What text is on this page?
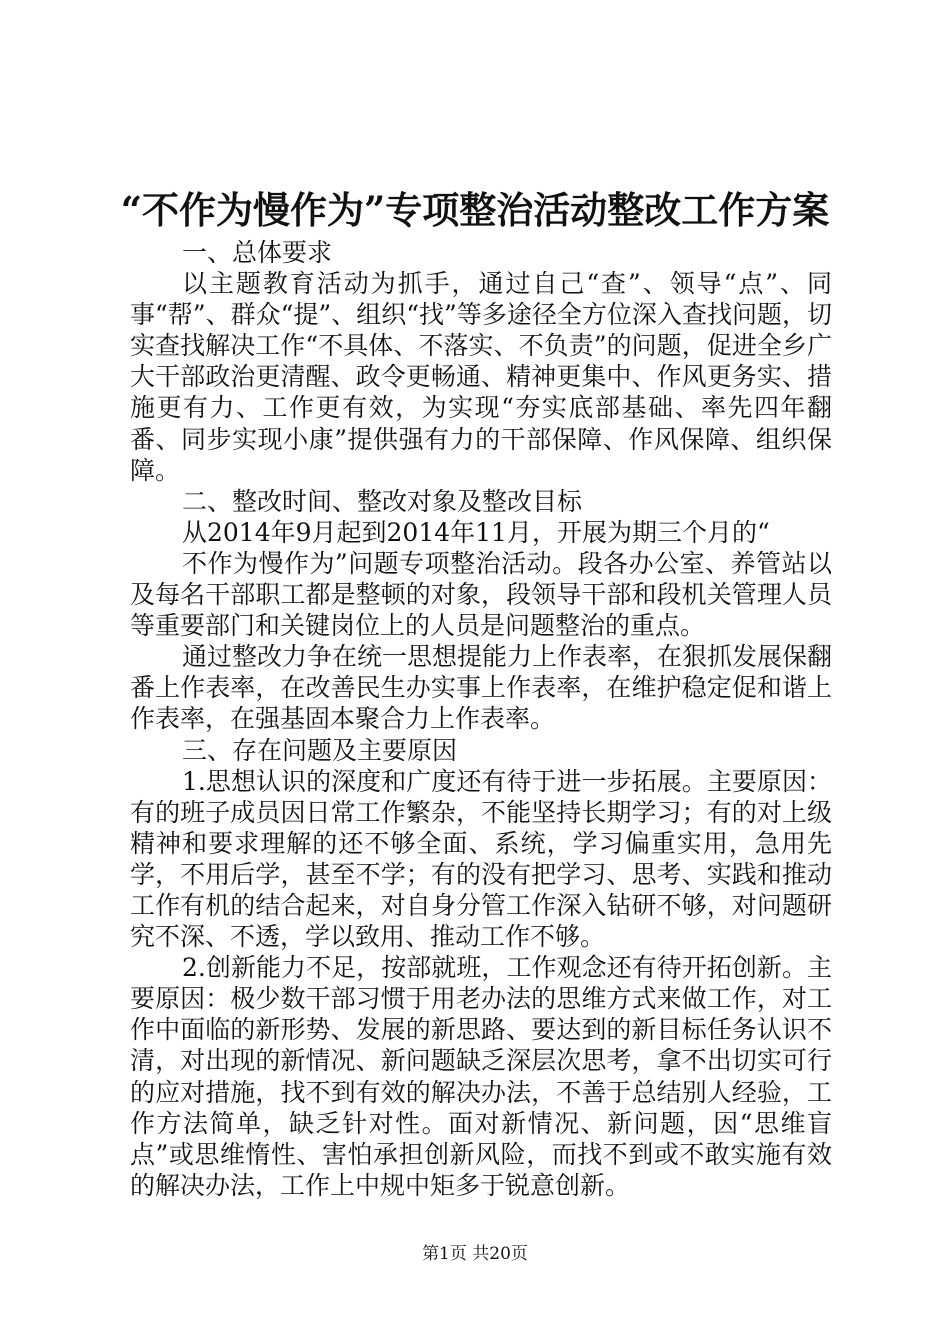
“不作为慢作为”专项整治活动整改工作方案

一、总体要求

以主题教育活动为抓手，通过自己“查”、领导“点”、同事“帮”、群众“提”、组织“找”等多途径全方位深入查找问题，切实查找解决工作“不具体、不落实、不负责”的问题，促进全乡广大干部政治更清醒、政令更畅通、精神更集中、作风更务实、措施更有力、工作更有效，为实现“夯实底部基础、率先四年翻番、同步实现小康”提供强有力的干部保障、作风保障、组织保障。

二、整改时间、整改对象及整改目标

从2014年9月起到2014年11月，开展为期三个月的“

不作为慢作为”问题专项整治活动。段各办公室、养管站以及每名干部职工都是整顿的对象，段领导干部和段机关管理人员等重要部门和关键岗位上的人员是问题整治的重点。

通过整改力争在统一思想提能力上作表率，在狠抓发展保翻番上作表率，在改善民生办实事上作表率，在维护稳定促和谐上作表率，在强基固本聚合力上作表率。

三、存在问题及主要原因

1.思想认识的深度和广度还有待于进一步拓展。主要原因：有的班子成员因日常工作繁杂，不能坚持长期学习；有的对上级精神和要求理解的还不够全面、系统，学习偏重实用，急用先学，不用后学，甚至不学；有的没有把学习、思考、实践和推动工作有机的结合起来，对自身分管工作深入钻研不够，对问题研究不深、不透，学以致用、推动工作不够。

2.创新能力不足，按部就班，工作观念还有待开拓创新。主要原因：极少数干部习惯于用老办法的思维方式来做工作，对工作中面临的新形势、发展的新思路、要达到的新目标任务认识不清，对出现的新情况、新问题缺乏深层次思考，拿不出切实可行的应对措施，找不到有效的解决办法，不善于总结别人经验，工作方法简单，缺乏针对性。面对新情况、新问题，因“思维盲点”或思维惰性、害怕承担创新风险，而找不到或不敢实施有效的解决办法，工作上中规中矩多于锐意创新。

第1页 共20页
